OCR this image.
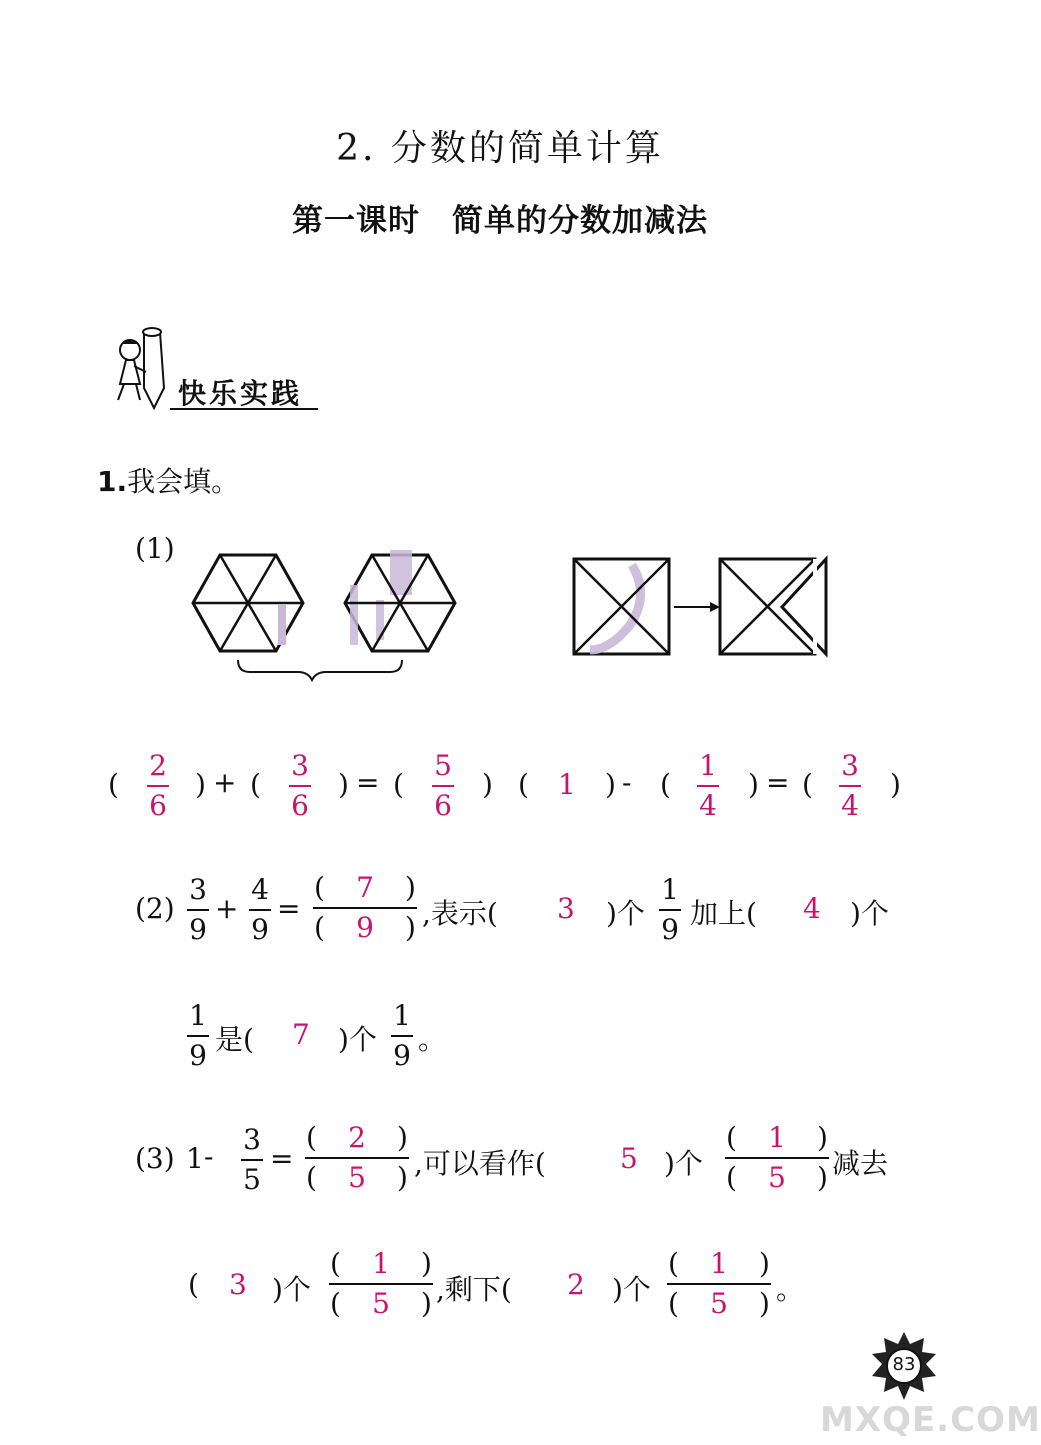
2. 分数的简单计算
第一课时　简单的分数加减法
快乐实践
1.我会填。
(1)
(
2
6
) + (
3
6
) = (
5
6
) ( 1 ) - (
1
4
) = (
3
4
)
(2)
3
9
+
4
9
=
( 7 )
( 9 ) ,表示( 3 )个
1
9 加上( 4 )个
1
9 是( 7 )个
1
9 。
(3) 1 -
3
5
=
( 2 )
( 5 ) ,可以看作(	5 )个
( 1 )
( 5 ) 减去
( 3 )个
( 1 )
( 5 ) ,剩下( 2 )个
( 1 )
( 5 ) 。
83
MXQE.COM
